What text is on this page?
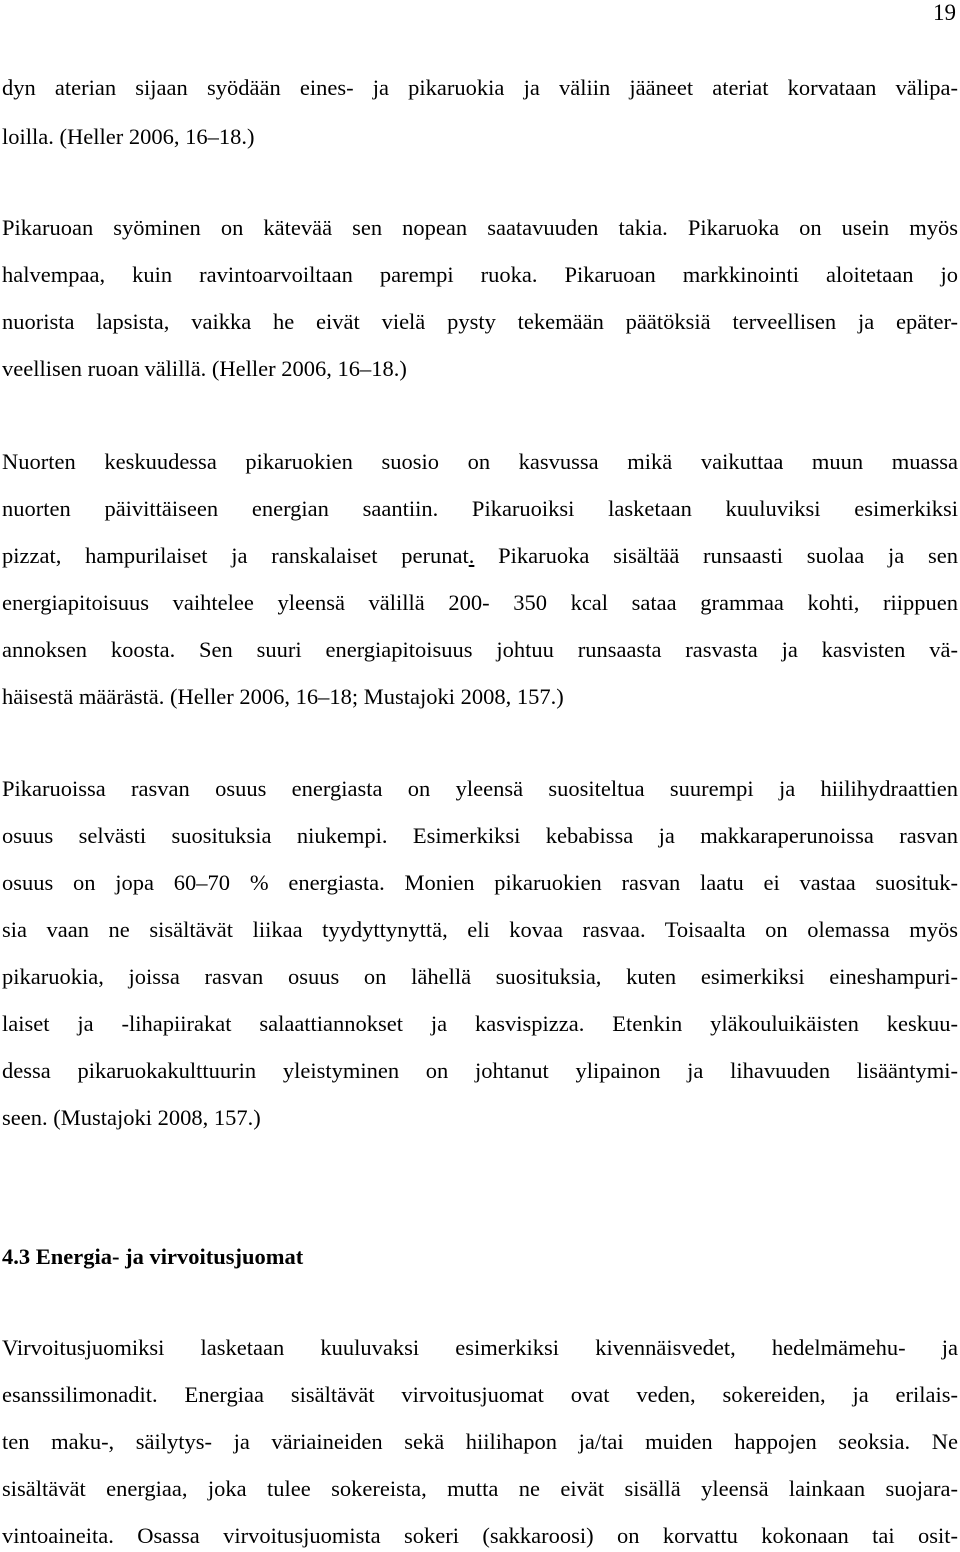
19
dyn aterian sijaan syödään eines- ja pikaruokia ja väliin jääneet ateriat korvataan välipa-
loilla. (Heller 2006, 16–18.)
Pikaruoan syöminen on kätevää sen nopean saatavuuden takia. Pikaruoka on usein myös
halvempaa, kuin ravintoarvoiltaan parempi ruoka. Pikaruoan markkinointi aloitetaan jo
nuorista lapsista, vaikka he eivät vielä pysty tekemään päätöksiä terveellisen ja epäter-
veellisen ruoan välillä. (Heller 2006, 16–18.)
Nuorten keskuudessa pikaruokien suosio on kasvussa mikä vaikuttaa muun muassa
nuorten päivittäiseen energian saantiin. Pikaruoiksi lasketaan kuuluviksi esimerkiksi
pizzat, hampurilaiset ja ranskalaiset perunat. Pikaruoka sisältää runsaasti suolaa ja sen
energiapitoisuus vaihtelee yleensä välillä 200- 350 kcal sataa grammaa kohti, riippuen
annoksen koosta. Sen suuri energiapitoisuus johtuu runsaasta rasvasta ja kasvisten vä-
häisestä määrästä. (Heller 2006, 16–18; Mustajoki 2008, 157.)
Pikaruoissa rasvan osuus energiasta on yleensä suositeltua suurempi ja hiilihydraattien
osuus selvästi suosituksia niukempi. Esimerkiksi kebabissa ja makkaraperunoissa rasvan
osuus on jopa 60–70 % energiasta. Monien pikaruokien rasvan laatu ei vastaa suosituk-
sia vaan ne sisältävät liikaa tyydyttynyttä, eli kovaa rasvaa. Toisaalta on olemassa myös
pikaruokia, joissa rasvan osuus on lähellä suosituksia, kuten esimerkiksi eineshampuri-
laiset ja -lihapiirakat salaattiannokset ja kasvispizza. Etenkin yläkouluikäisten keskuu-
dessa pikaruokakulttuurin yleistyminen on johtanut ylipainon ja lihavuuden lisääntymi-
seen. (Mustajoki 2008, 157.)
4.3 Energia- ja virvoitusjuomat
Virvoitusjuomiksi lasketaan kuuluvaksi esimerkiksi kivennäisvedet, hedelmämehu- ja
esanssilimonadit. Energiaa sisältävät virvoitusjuomat ovat veden, sokereiden, ja erilais-
ten maku-, säilytys- ja väriaineiden sekä hiilihapon ja/tai muiden happojen seoksia. Ne
sisältävät energiaa, joka tulee sokereista, mutta ne eivät sisällä yleensä lainkaan suojara-
vintoaineita. Osassa virvoitusjuomista sokeri (sakkaroosi) on korvattu kokonaan tai osit-
